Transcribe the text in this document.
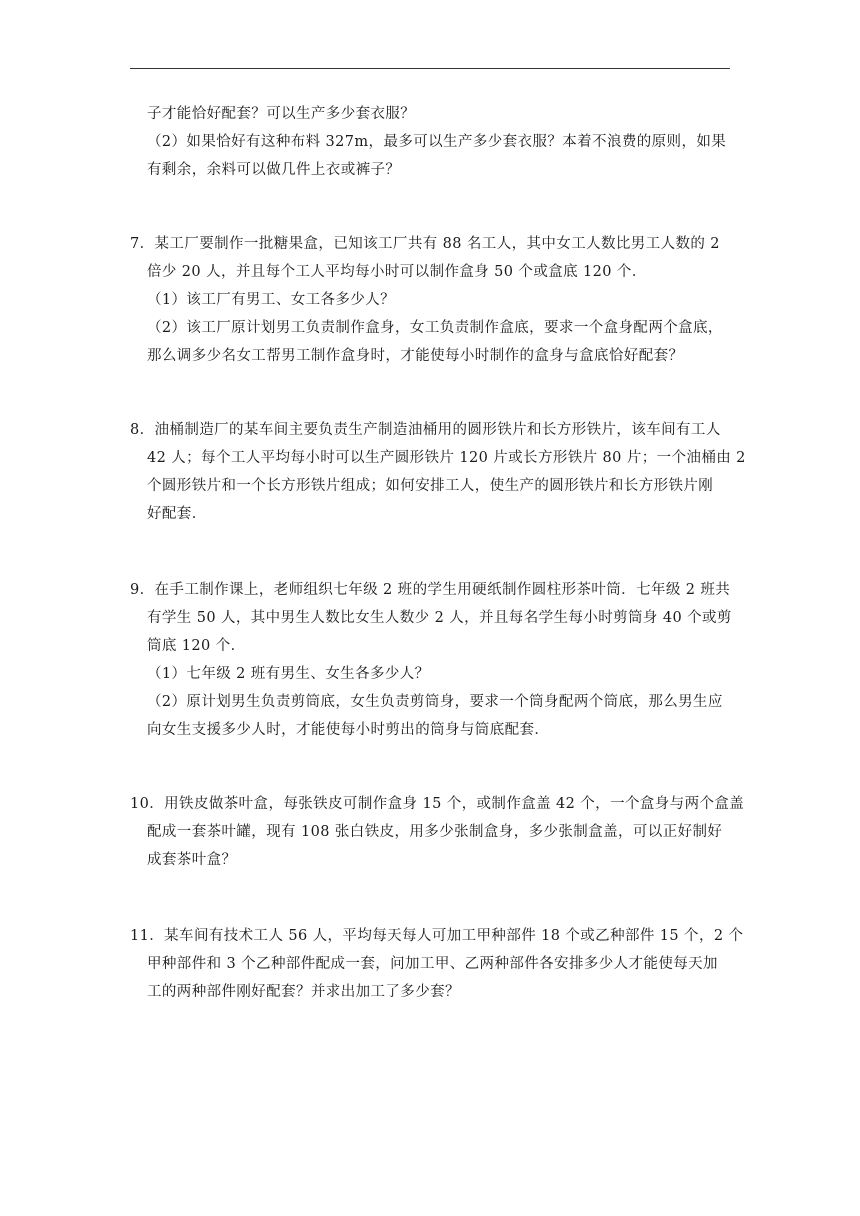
子才能恰好配套？可以生产多少套衣服？
（2）如果恰好有这种布料 327m，最多可以生产多少套衣服？本着不浪费的原则，如果
有剩余，余料可以做几件上衣或裤子？
7．某工厂要制作一批糖果盒，已知该工厂共有 88 名工人，其中女工人数比男工人数的 2
倍少 20 人，并且每个工人平均每小时可以制作盒身 50 个或盒底 120 个．
（1）该工厂有男工、女工各多少人？
（2）该工厂原计划男工负责制作盒身，女工负责制作盒底，要求一个盒身配两个盒底，
那么调多少名女工帮男工制作盒身时，才能使每小时制作的盒身与盒底恰好配套？
8．油桶制造厂的某车间主要负责生产制造油桶用的圆形铁片和长方形铁片，该车间有工人
42 人；每个工人平均每小时可以生产圆形铁片 120 片或长方形铁片 80 片；一个油桶由 2
个圆形铁片和一个长方形铁片组成；如何安排工人，使生产的圆形铁片和长方形铁片刚
好配套．
9．在手工制作课上，老师组织七年级 2 班的学生用硬纸制作圆柱形茶叶筒．七年级 2 班共
有学生 50 人，其中男生人数比女生人数少 2 人，并且每名学生每小时剪筒身 40 个或剪
筒底 120 个．
（1）七年级 2 班有男生、女生各多少人？
（2）原计划男生负责剪筒底，女生负责剪筒身，要求一个筒身配两个筒底，那么男生应
向女生支援多少人时，才能使每小时剪出的筒身与筒底配套．
10．用铁皮做茶叶盒，每张铁皮可制作盒身 15 个，或制作盒盖 42 个，一个盒身与两个盒盖
配成一套茶叶罐，现有 108 张白铁皮，用多少张制盒身，多少张制盒盖，可以正好制好
成套茶叶盒？
11．某车间有技术工人 56 人，平均每天每人可加工甲种部件 18 个或乙种部件 15 个，2 个
甲种部件和 3 个乙种部件配成一套，问加工甲、乙两种部件各安排多少人才能使每天加
工的两种部件刚好配套？并求出加工了多少套？
